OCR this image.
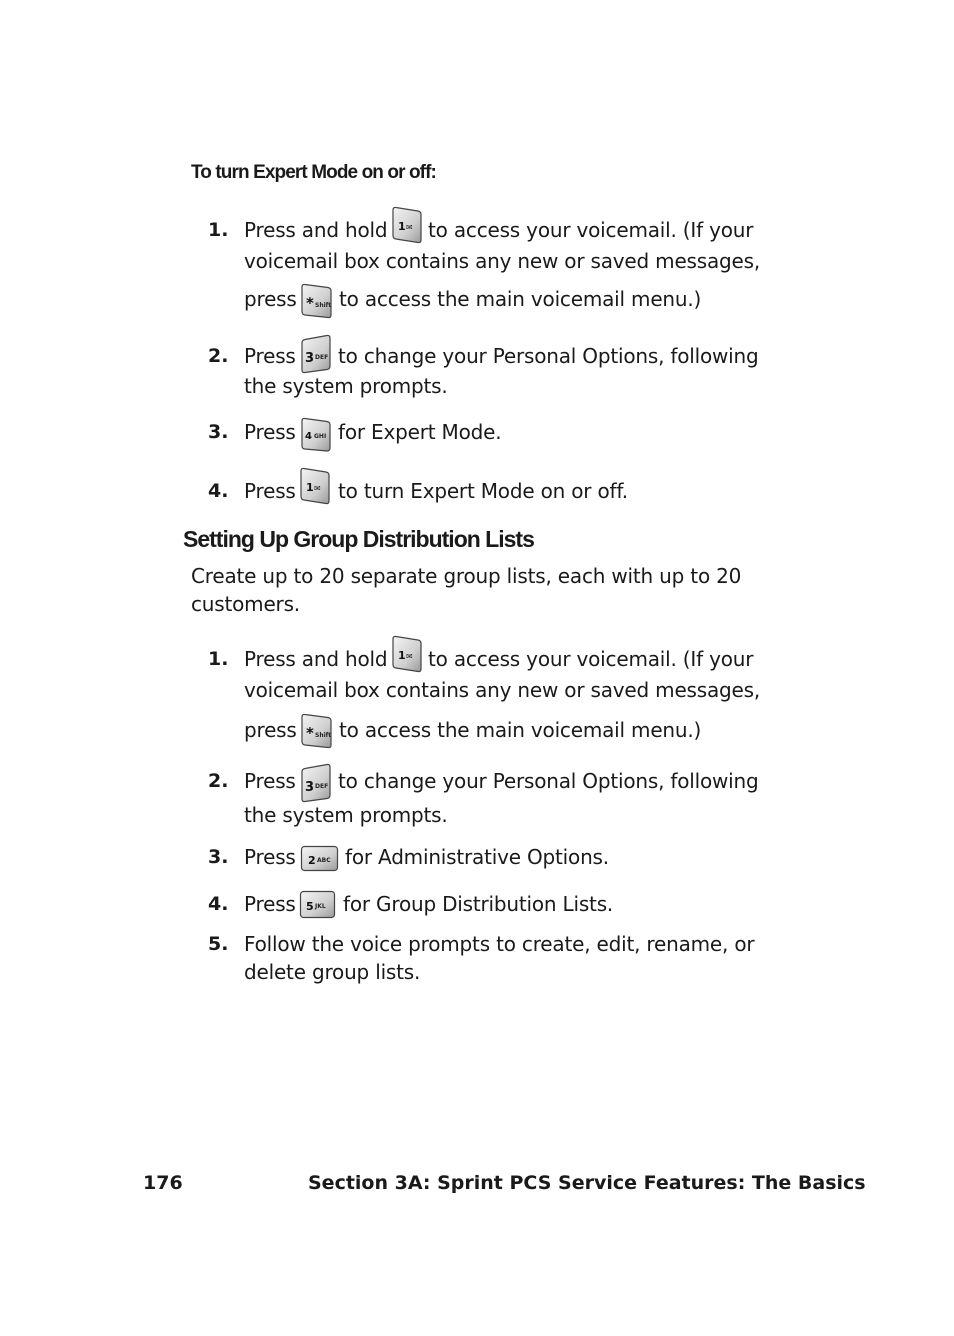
To turn Expert Mode on or off:
1. Press and hold 1 ✉ to access your voicemail. (If your
voicemail box contains any new or saved messages,
press * Shift to access the main voicemail menu.)
2. Press 3 DEF to change your Personal Options, following
the system prompts.
3. Press 4 GHI for Expert Mode.
4. Press 1 ✉ to turn Expert Mode on or off.
Setting Up Group Distribution Lists
Create up to 20 separate group lists, each with up to 20
customers.
1. Press and hold 1 ✉ to access your voicemail. (If your
voicemail box contains any new or saved messages,
press * Shift to access the main voicemail menu.)
2. Press 3 DEF to change your Personal Options, following
the system prompts.
3. Press 2 ABC for Administrative Options.
4. Press 5 JKL for Group Distribution Lists.
5. Follow the voice prompts to create, edit, rename, or
delete group lists.
176	Section 3A: Sprint PCS Service Features: The Basics
